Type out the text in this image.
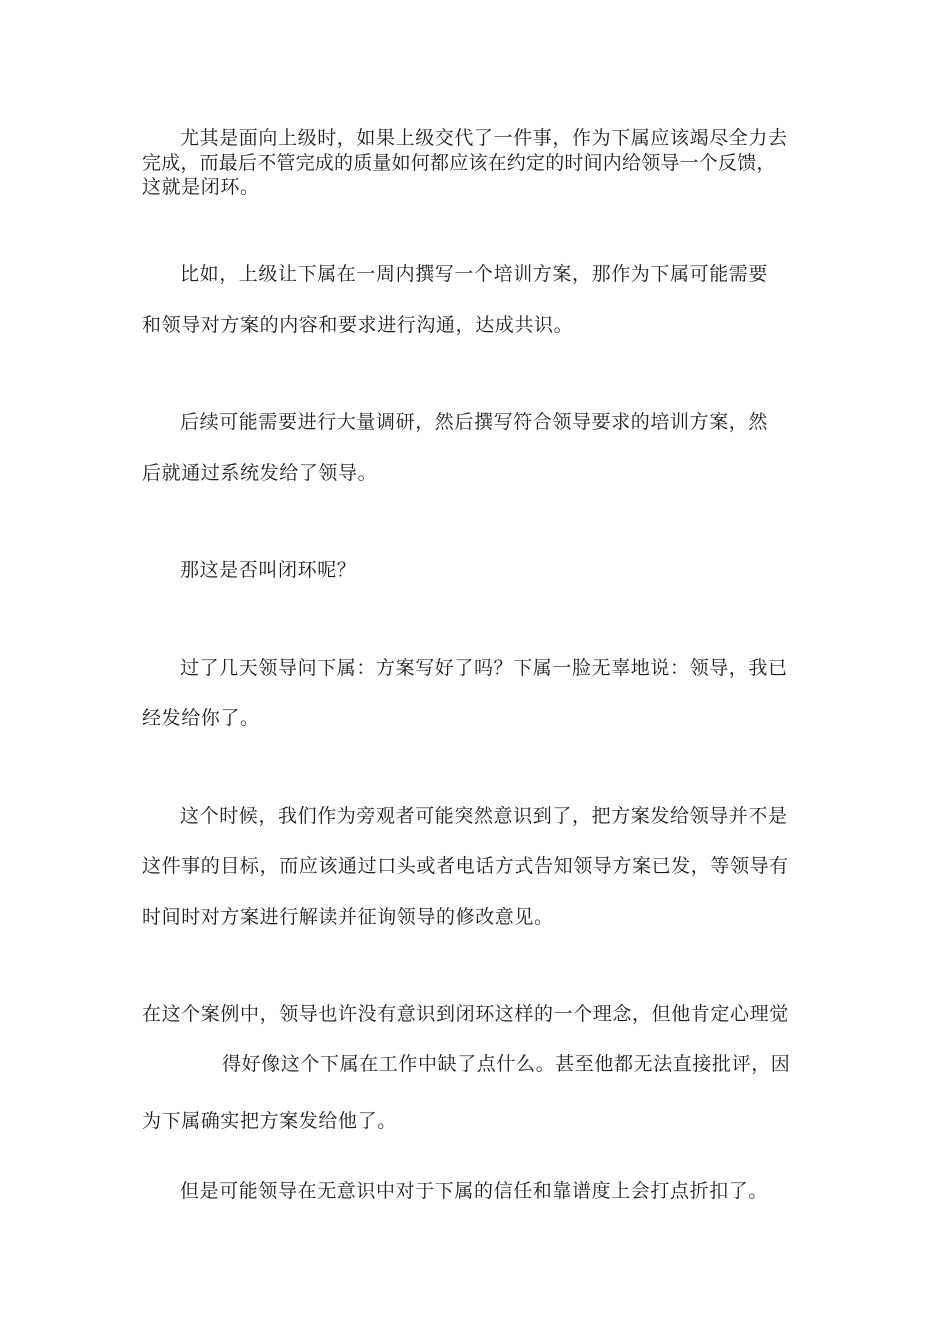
尤其是面向上级时，如果上级交代了一件事，作为下属应该竭尽全力去
完成，而最后不管完成的质量如何都应该在约定的时间内给领导一个反馈，
这就是闭环。
比如，上级让下属在一周内撰写一个培训方案，那作为下属可能需要
和领导对方案的内容和要求进行沟通，达成共识。
后续可能需要进行大量调研，然后撰写符合领导要求的培训方案，然
后就通过系统发给了领导。
那这是否叫闭环呢？
过了几天领导问下属：方案写好了吗？下属一脸无辜地说：领导，我已
经发给你了。
这个时候，我们作为旁观者可能突然意识到了，把方案发给领导并不是
这件事的目标，而应该通过口头或者电话方式告知领导方案已发，等领导有
时间时对方案进行解读并征询领导的修改意见。
在这个案例中，领导也许没有意识到闭环这样的一个理念，但他肯定心理觉
得好像这个下属在工作中缺了点什么。甚至他都无法直接批评，因
为下属确实把方案发给他了。
但是可能领导在无意识中对于下属的信任和靠谱度上会打点折扣了。
